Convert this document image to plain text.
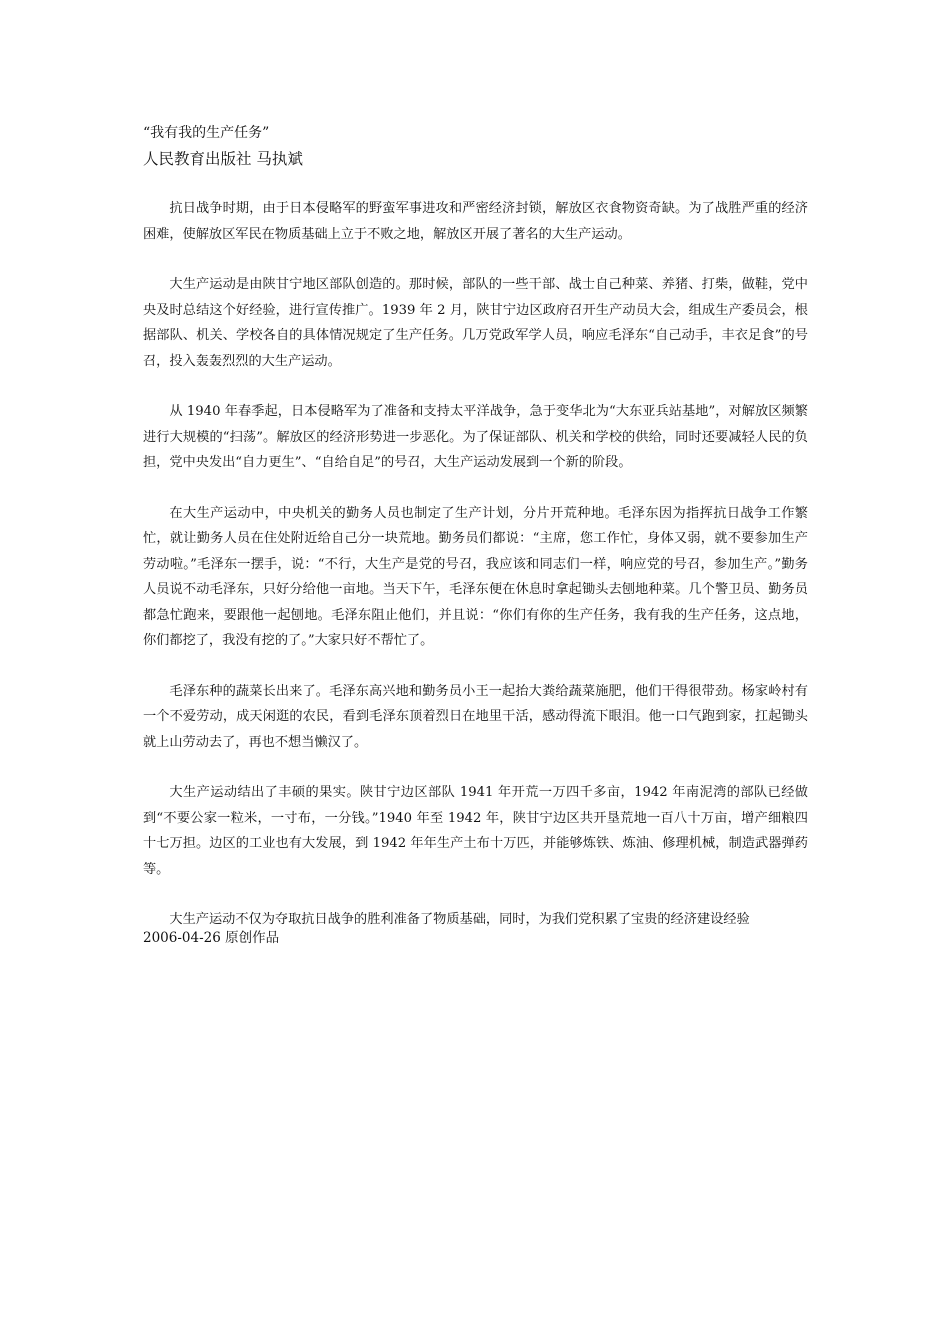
“我有我的生产任务”

人民教育出版社 马执斌

抗日战争时期，由于日本侵略军的野蛮军事进攻和严密经济封锁，解放区衣食物资奇缺。为了战胜严重的经济困难，使解放区军民在物质基础上立于不败之地，解放区开展了著名的大生产运动。

大生产运动是由陕甘宁地区部队创造的。那时候，部队的一些干部、战士自己种菜、养猪、打柴，做鞋，党中央及时总结这个好经验，进行宣传推广。1939 年 2 月，陕甘宁边区政府召开生产动员大会，组成生产委员会，根据部队、机关、学校各自的具体情况规定了生产任务。几万党政军学人员，响应毛泽东“自己动手，丰衣足食”的号召，投入轰轰烈烈的大生产运动。

从 1940 年春季起，日本侵略军为了准备和支持太平洋战争，急于变华北为“大东亚兵站基地”，对解放区频繁进行大规模的“扫荡”。解放区的经济形势进一步恶化。为了保证部队、机关和学校的供给，同时还要减轻人民的负担，党中央发出“自力更生”、“自给自足”的号召，大生产运动发展到一个新的阶段。

在大生产运动中，中央机关的勤务人员也制定了生产计划，分片开荒种地。毛泽东因为指挥抗日战争工作繁忙，就让勤务人员在住处附近给自己分一块荒地。勤务员们都说：“主席，您工作忙，身体又弱，就不要参加生产劳动啦。”毛泽东一摆手，说：“不行，大生产是党的号召，我应该和同志们一样，响应党的号召，参加生产。”勤务人员说不动毛泽东，只好分给他一亩地。当天下午，毛泽东便在休息时拿起锄头去刨地种菜。几个警卫员、勤务员都急忙跑来，要跟他一起刨地。毛泽东阻止他们，并且说：“你们有你的生产任务，我有我的生产任务，这点地，你们都挖了，我没有挖的了。”大家只好不帮忙了。

毛泽东种的蔬菜长出来了。毛泽东高兴地和勤务员小王一起抬大粪给蔬菜施肥，他们干得很带劲。杨家岭村有一个不爱劳动，成天闲逛的农民，看到毛泽东顶着烈日在地里干活，感动得流下眼泪。他一口气跑到家，扛起锄头就上山劳动去了，再也不想当懒汉了。

大生产运动结出了丰硕的果实。陕甘宁边区部队 1941 年开荒一万四千多亩，1942 年南泥湾的部队已经做到“不要公家一粒米，一寸布，一分钱。”1940 年至 1942 年，陕甘宁边区共开垦荒地一百八十万亩，增产细粮四十七万担。边区的工业也有大发展，到 1942 年年生产土布十万匹，并能够炼铁、炼油、修理机械，制造武器弹药等。

大生产运动不仅为夺取抗日战争的胜利准备了物质基础，同时，为我们党积累了宝贵的经济建设经验

2006-04-26 原创作品
